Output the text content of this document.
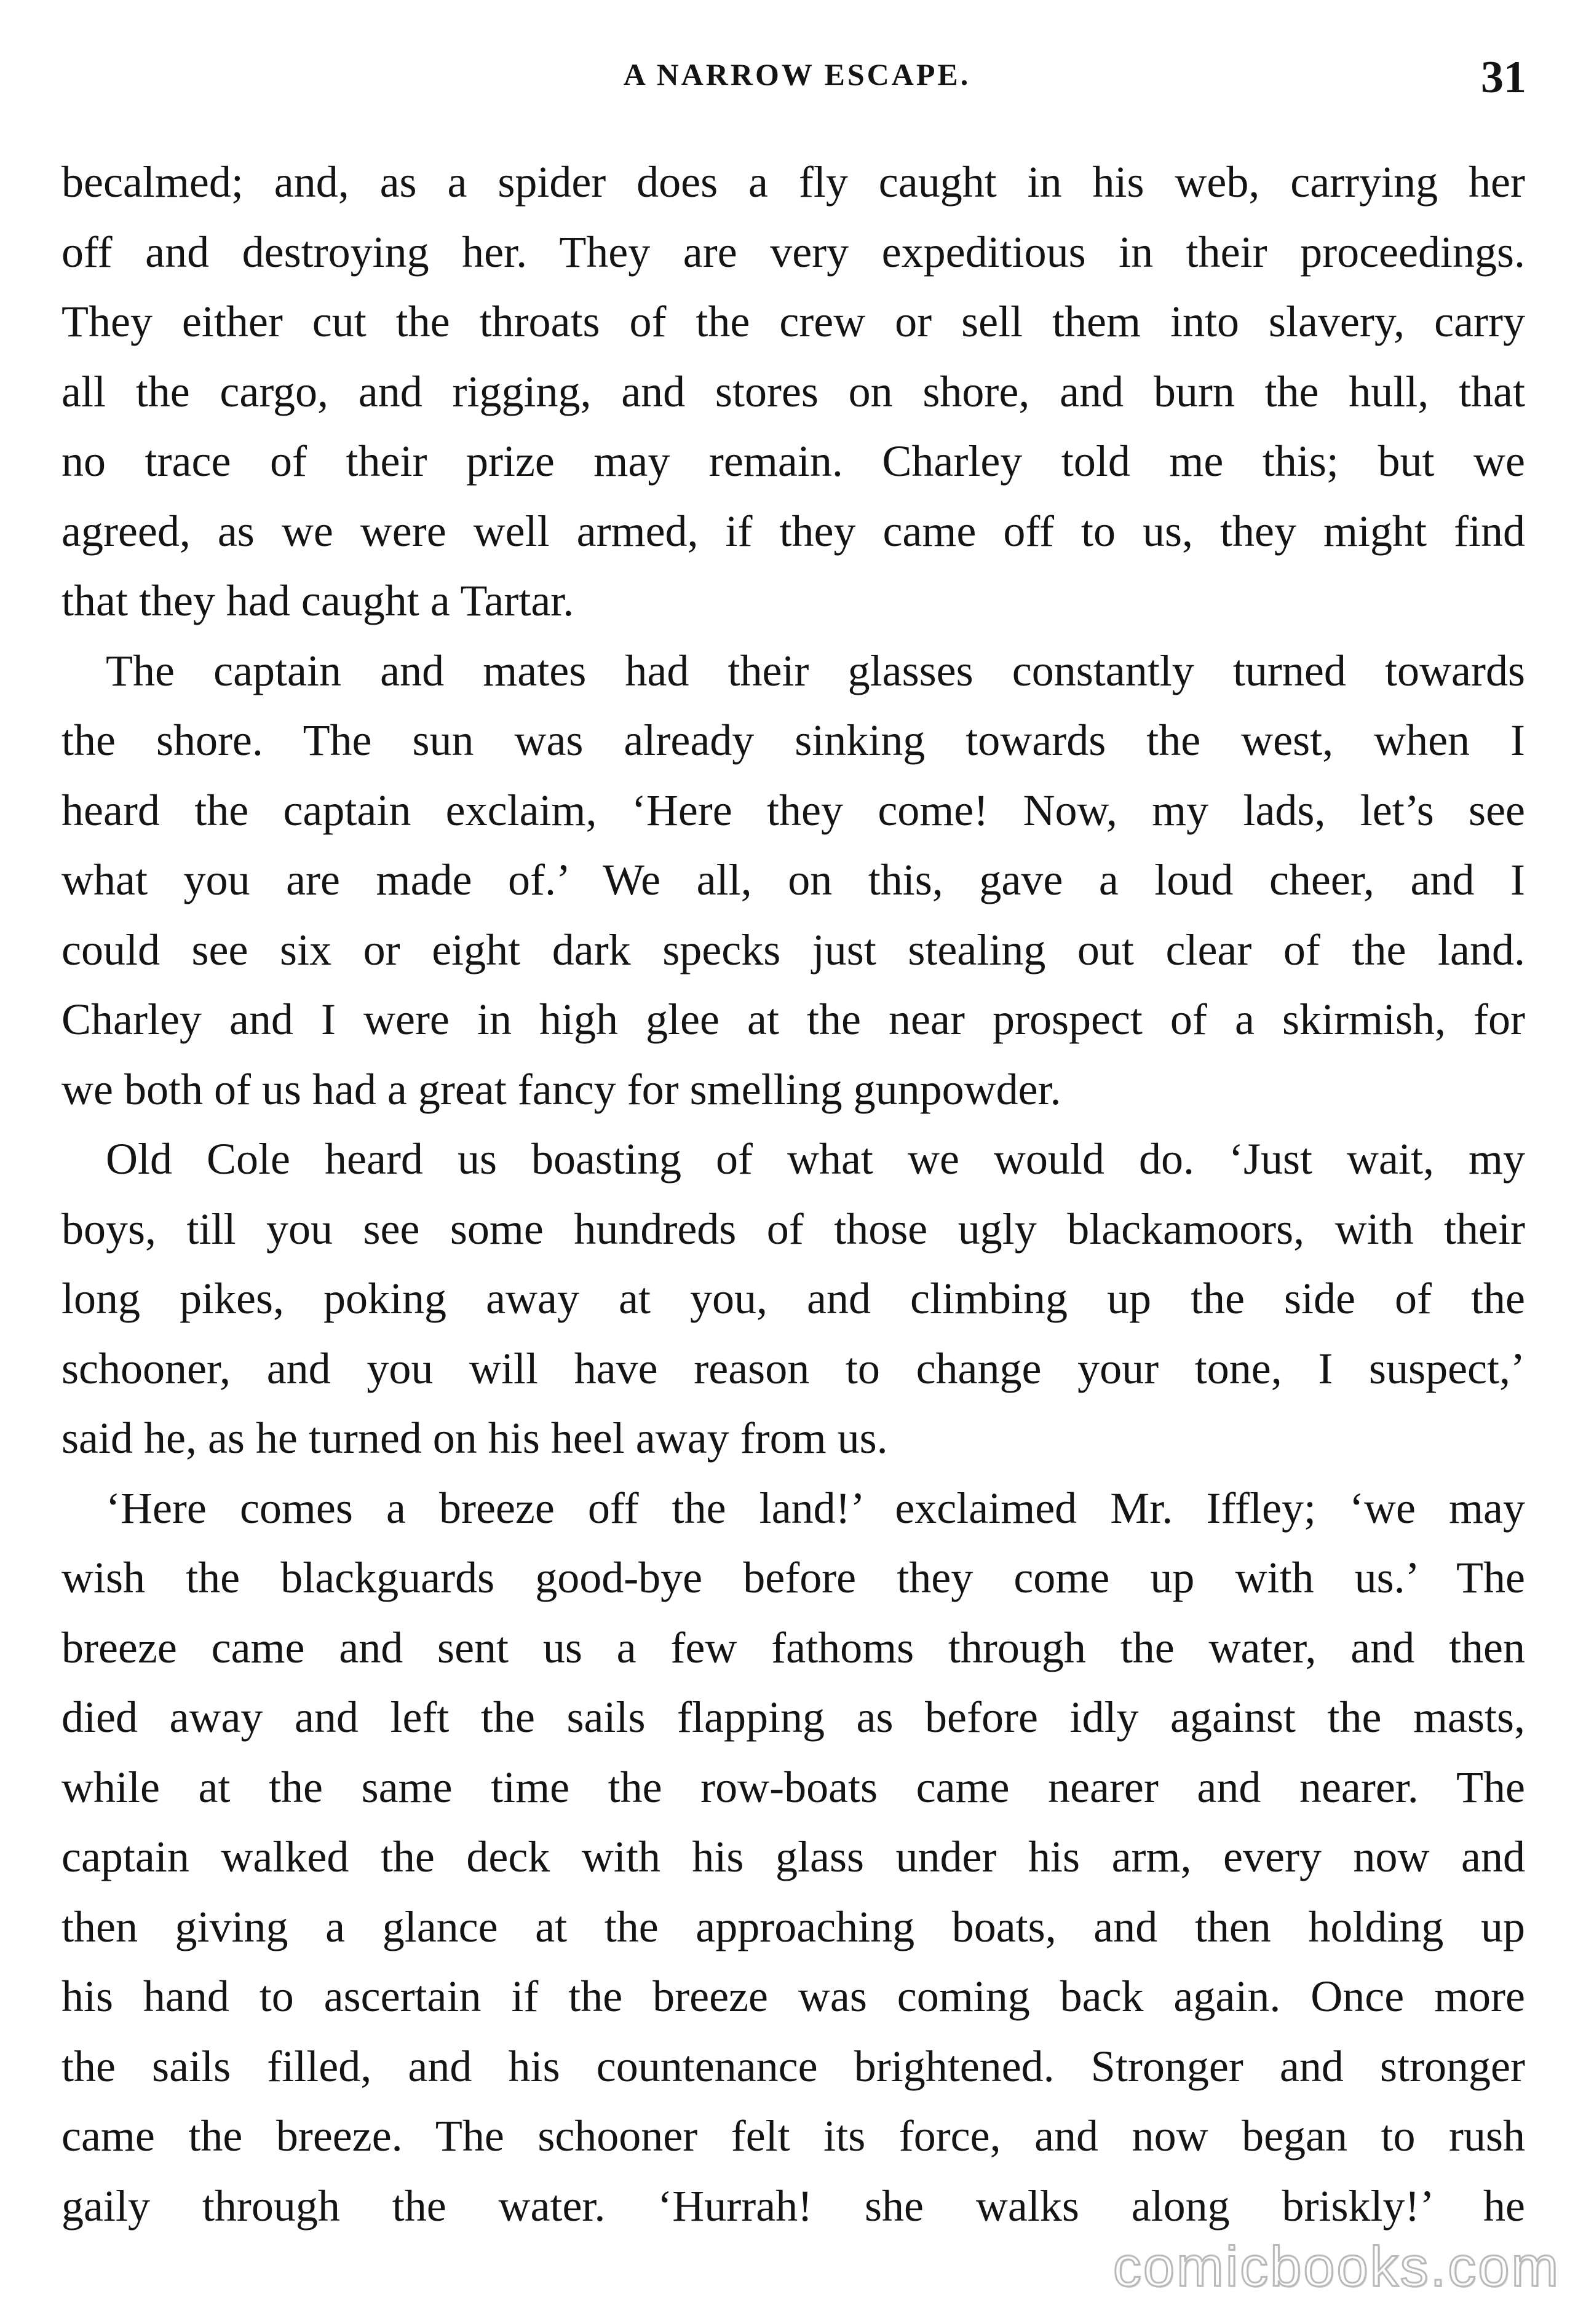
A NARROW ESCAPE.	31
becalmed; and, as a spider does a fly caught in his web, carrying her
off and destroying her. They are very expeditious in their proceedings.
They either cut the throats of the crew or sell them into slavery, carry
all the cargo, and rigging, and stores on shore, and burn the hull, that
no trace of their prize may remain. Charley told me this; but we
agreed, as we were well armed, if they came off to us, they might find
that they had caught a Tartar.
The captain and mates had their glasses constantly turned towards
the shore. The sun was already sinking towards the west, when I
heard the captain exclaim, ‘Here they come! Now, my lads, let’s see
what you are made of.’ We all, on this, gave a loud cheer, and I
could see six or eight dark specks just stealing out clear of the land.
Charley and I were in high glee at the near prospect of a skirmish, for
we both of us had a great fancy for smelling gunpowder.
Old Cole heard us boasting of what we would do. ‘Just wait, my
boys, till you see some hundreds of those ugly blackamoors, with their
long pikes, poking away at you, and climbing up the side of the
schooner, and you will have reason to change your tone, I suspect,’
said he, as he turned on his heel away from us.
‘Here comes a breeze off the land!’ exclaimed Mr. Iffley; ‘we may
wish the blackguards good-bye before they come up with us.’ The
breeze came and sent us a few fathoms through the water, and then
died away and left the sails flapping as before idly against the masts,
while at the same time the row-boats came nearer and nearer. The
captain walked the deck with his glass under his arm, every now and
then giving a glance at the approaching boats, and then holding up
his hand to ascertain if the breeze was coming back again. Once more
the sails filled, and his countenance brightened. Stronger and stronger
came the breeze. The schooner felt its force, and now began to rush
gaily through the water. ‘Hurrah! she walks along briskly!’ he
comicbooks.com
